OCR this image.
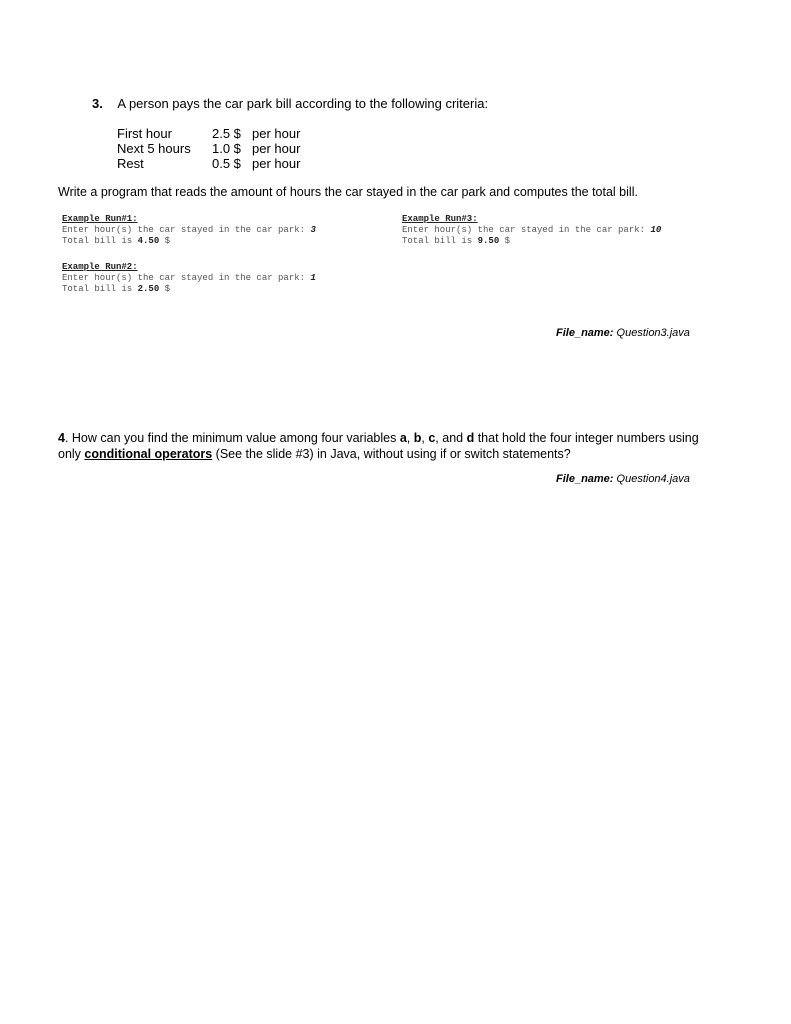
3. A person pays the car park bill according to the following criteria:
First hour	2.5 $ per hour
Next 5 hours 1.0 $ per hour
Rest	0.5 $ per hour
Write a program that reads the amount of hours the car stayed in the car park and computes the total bill.
Example Run#1:
Enter hour(s) the car stayed in the car park: 3
Total bill is 4.50 $
Example Run#3:
Enter hour(s) the car stayed in the car park: 10
Total bill is 9.50 $
Example Run#2:
Enter hour(s) the car stayed in the car park: 1
Total bill is 2.50 $
File_name: Question3.java
4. How can you find the minimum value among four variables a, b, c, and d that hold the four integer numbers using only conditional operators (See the slide #3) in Java, without using if or switch statements?
File_name: Question4.java
